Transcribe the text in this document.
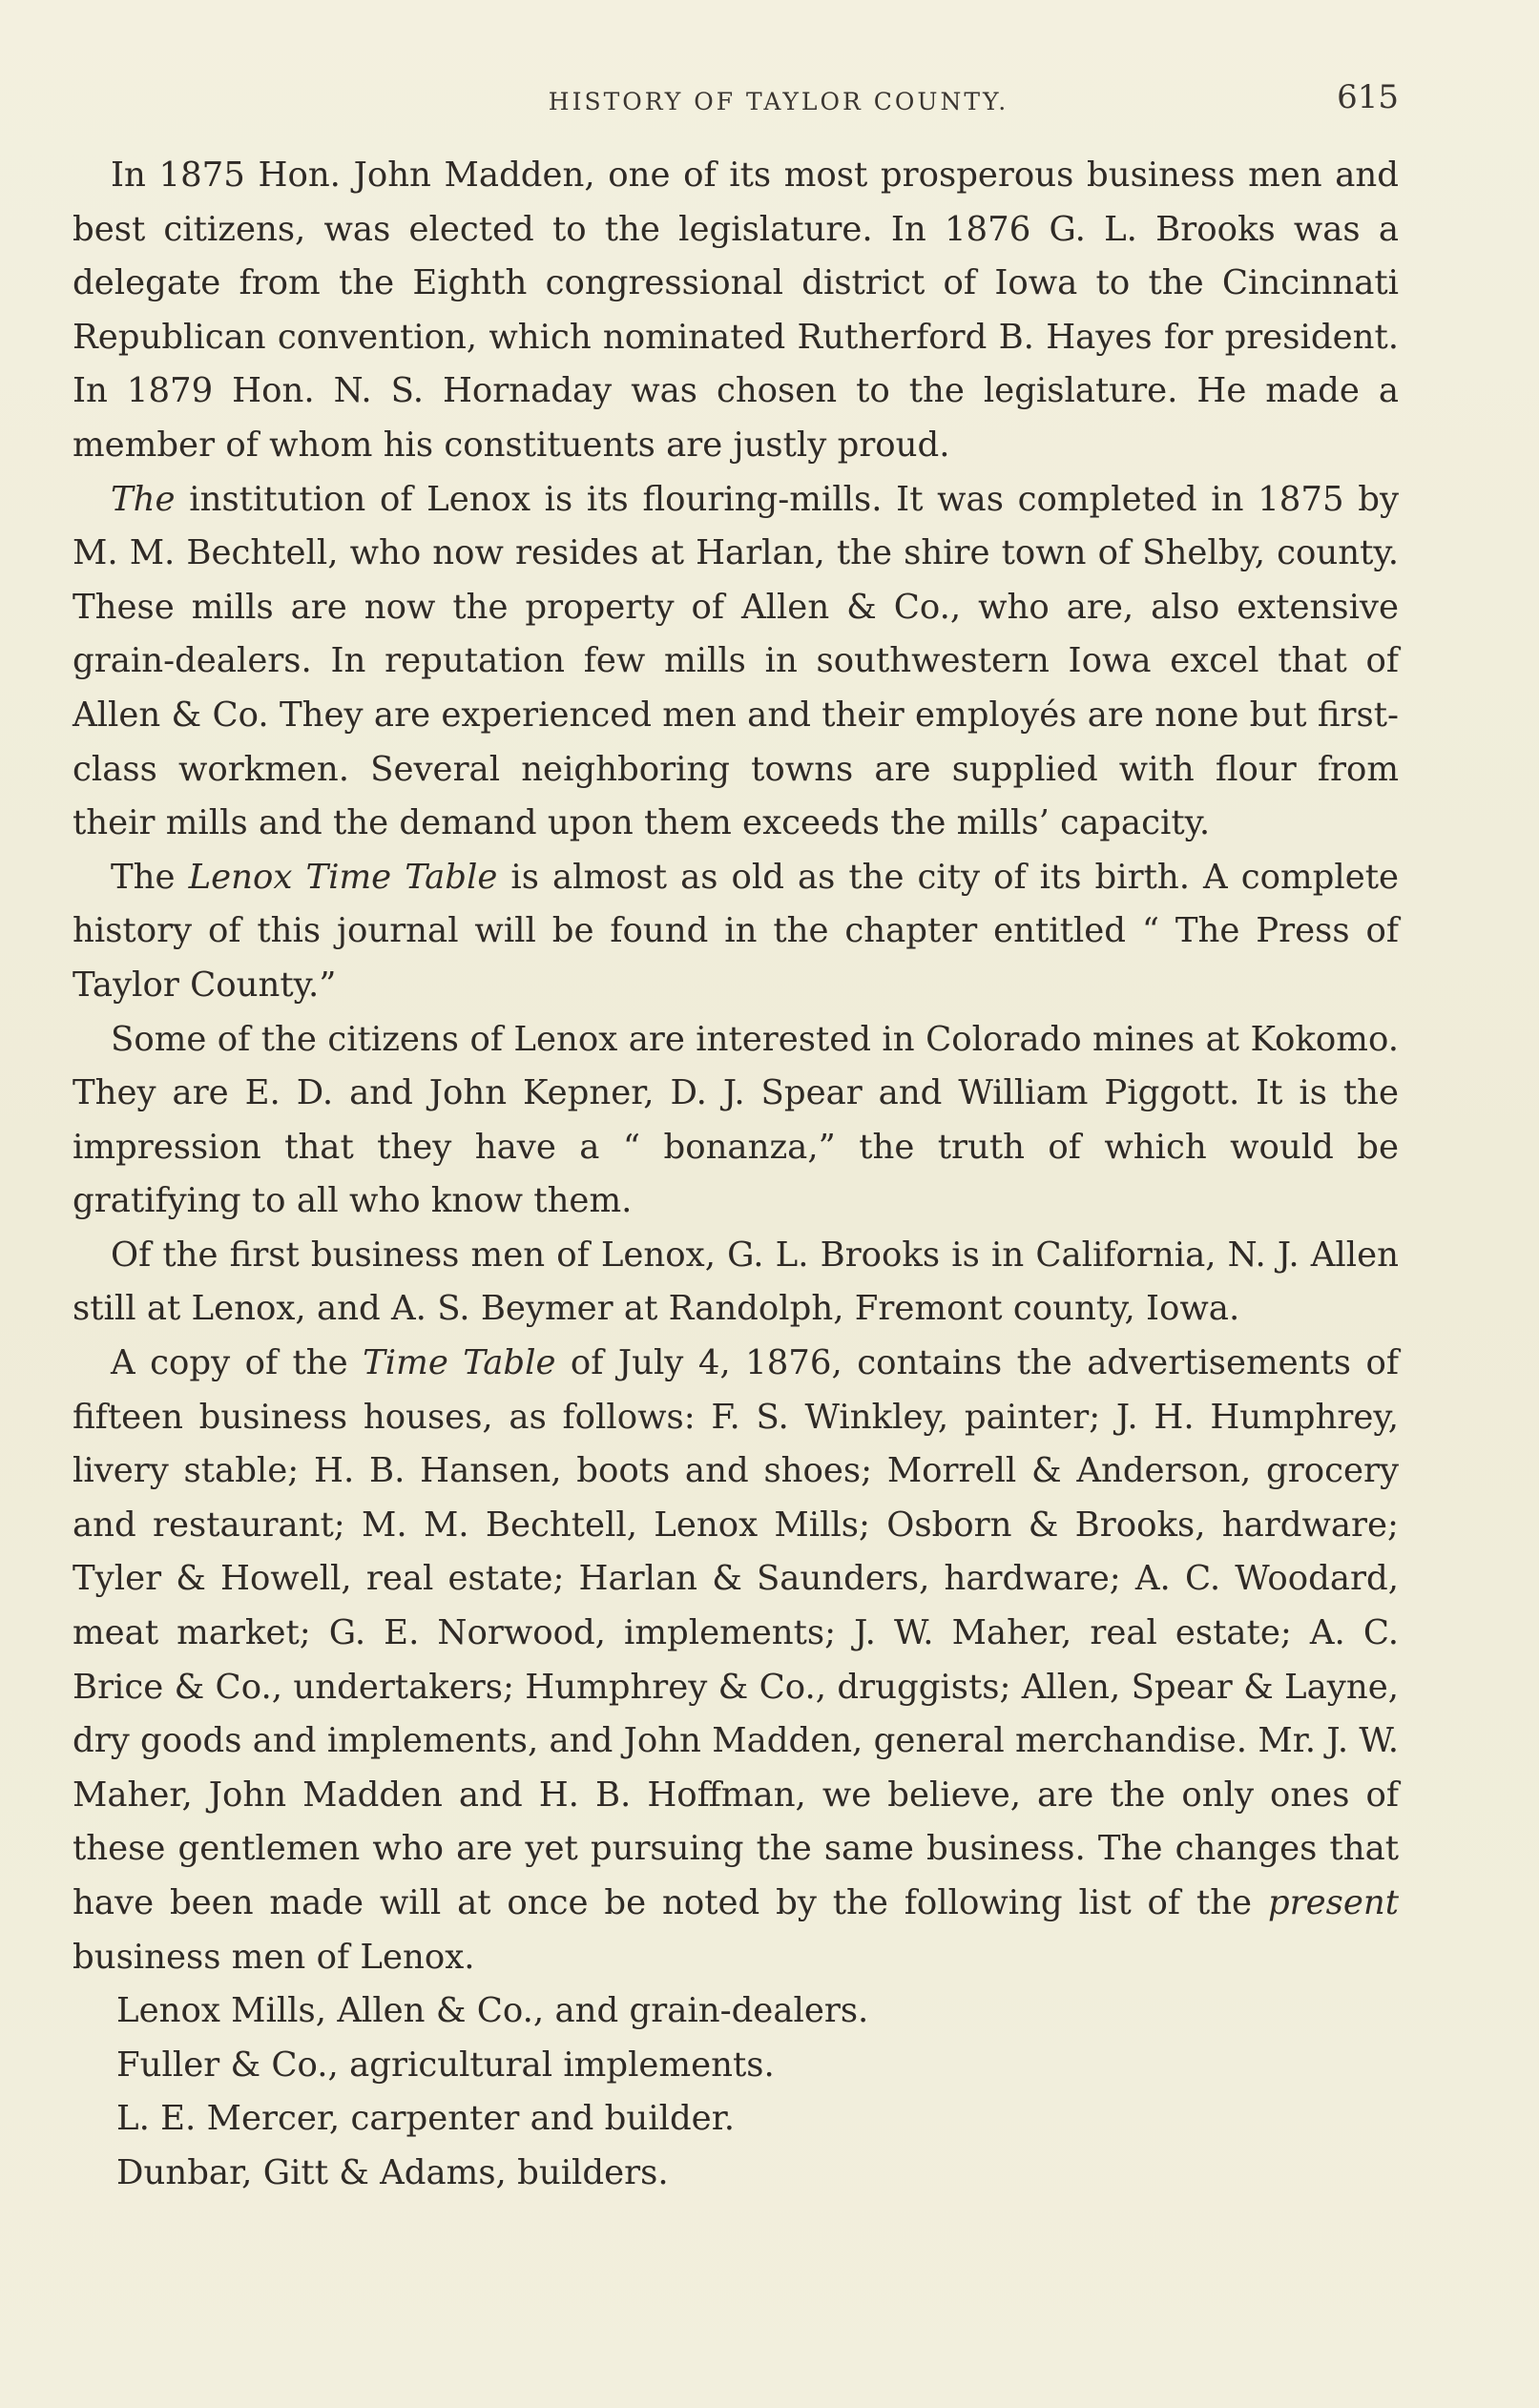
HISTORY OF TAYLOR COUNTY.	615

In 1875 Hon. John Madden, one of its most prosperous business men and best citizens, was elected to the legislature. In 1876 G. L. Brooks was a delegate from the Eighth congressional district of Iowa to the Cincinnati Republican convention, which nominated Rutherford B. Hayes for president. In 1879 Hon. N. S. Hornaday was chosen to the legislature. He made a member of whom his constituents are justly proud.

The institution of Lenox is its flouring-mills. It was completed in 1875 by M. M. Bechtell, who now resides at Harlan, the shire town of Shelby, county. These mills are now the property of Allen & Co., who are, also extensive grain-dealers. In reputation few mills in southwestern Iowa excel that of Allen & Co. They are experienced men and their employés are none but first-class workmen. Several neighboring towns are supplied with flour from their mills and the demand upon them exceeds the mills’ capacity.

The Lenox Time Table is almost as old as the city of its birth. A complete history of this journal will be found in the chapter entitled “ The Press of Taylor County.”

Some of the citizens of Lenox are interested in Colorado mines at Kokomo. They are E. D. and John Kepner, D. J. Spear and William Piggott. It is the impression that they have a “ bonanza,” the truth of which would be gratifying to all who know them.

Of the first business men of Lenox, G. L. Brooks is in California, N. J. Allen still at Lenox, and A. S. Beymer at Randolph, Fremont county, Iowa.

A copy of the Time Table of July 4, 1876, contains the advertisements of fifteen business houses, as follows: F. S. Winkley, painter; J. H. Humphrey, livery stable; H. B. Hansen, boots and shoes; Morrell & Anderson, grocery and restaurant; M. M. Bechtell, Lenox Mills; Osborn & Brooks, hardware; Tyler & Howell, real estate; Harlan & Saunders, hardware; A. C. Woodard, meat market; G. E. Norwood, implements; J. W. Maher, real estate; A. C. Brice & Co., undertakers; Humphrey & Co., druggists; Allen, Spear & Layne, dry goods and implements, and John Madden, general merchandise. Mr. J. W. Maher, John Madden and H. B. Hoffman, we believe, are the only ones of these gentlemen who are yet pursuing the same business. The changes that have been made will at once be noted by the following list of the present business men of Lenox.

Lenox Mills, Allen & Co., and grain-dealers.

Fuller & Co., agricultural implements.

L. E. Mercer, carpenter and builder.

Dunbar, Gitt & Adams, builders.
